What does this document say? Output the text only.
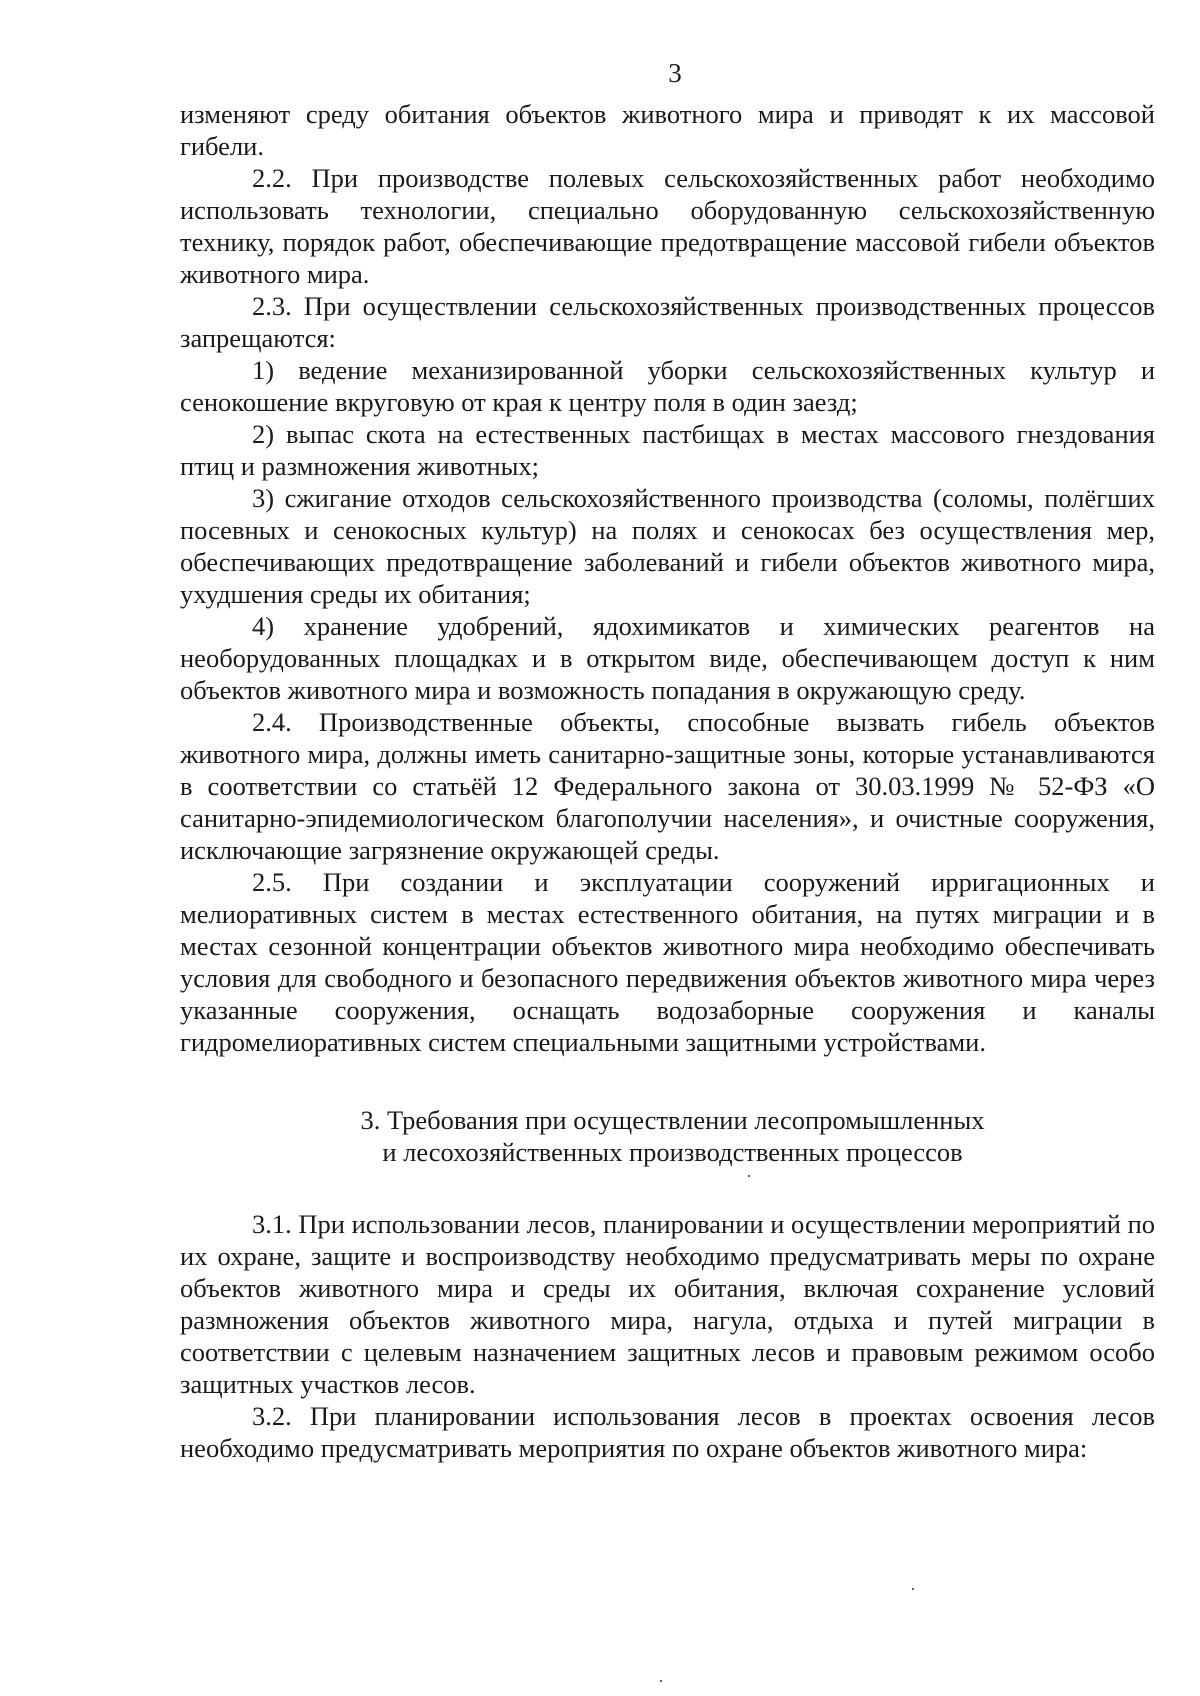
3

изменяют среду обитания объектов животного мира и приводят к их массовой гибели.

2.2. При производстве полевых сельскохозяйственных работ необходимо использовать технологии, специально оборудованную сельскохозяйственную технику, порядок работ, обеспечивающие предотвращение массовой гибели объектов животного мира.

2.3. При осуществлении сельскохозяйственных производственных процессов запрещаются:

1) ведение механизированной уборки сельскохозяйственных культур и сенокошение вкруговую от края к центру поля в один заезд;

2) выпас скота на естественных пастбищах в местах массового гнездования птиц и размножения животных;

3) сжигание отходов сельскохозяйственного производства (соломы, полёгших посевных и сенокосных культур) на полях и сенокосах без осуществления мер, обеспечивающих предотвращение заболеваний и гибели объектов животного мира, ухудшения среды их обитания;

4) хранение удобрений, ядохимикатов и химических реагентов на необорудованных площадках и в открытом виде, обеспечивающем доступ к ним объектов животного мира и возможность попадания в окружающую среду.

2.4. Производственные объекты, способные вызвать гибель объектов животного мира, должны иметь санитарно-защитные зоны, которые устанавливаются в соответствии со статьёй 12 Федерального закона от 30.03.1999 № 52-ФЗ «О санитарно-эпидемиологическом благополучии населения», и очистные сооружения, исключающие загрязнение окружающей среды.

2.5. При создании и эксплуатации сооружений ирригационных и мелиоративных систем в местах естественного обитания, на путях миграции и в местах сезонной концентрации объектов животного мира необходимо обеспечивать условия для свободного и безопасного передвижения объектов животного мира через указанные сооружения, оснащать водозаборные сооружения и каналы гидромелиоративных систем специальными защитными устройствами.

3. Требования при осуществлении лесопромышленных
и лесохозяйственных производственных процессов

3.1. При использовании лесов, планировании и осуществлении мероприятий по их охране, защите и воспроизводству необходимо предусматривать меры по охране объектов животного мира и среды их обитания, включая сохранение условий размножения объектов животного мира, нагула, отдыха и путей миграции в соответствии с целевым назначением защитных лесов и правовым режимом особо защитных участков лесов.

3.2. При планировании использования лесов в проектах освоения лесов необходимо предусматривать мероприятия по охране объектов животного мира:
